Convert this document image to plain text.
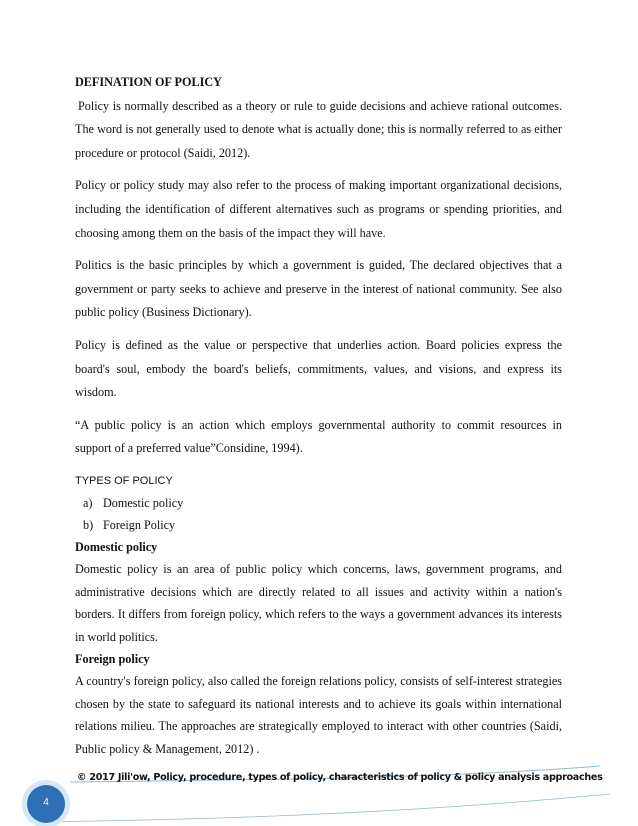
DEFINATION OF POLICY

Policy is normally described as a theory or rule to guide decisions and achieve rational outcomes. The word is not generally used to denote what is actually done; this is normally referred to as either procedure or protocol (Saidi, 2012).

Policy or policy study may also refer to the process of making important organizational decisions, including the identification of different alternatives such as programs or spending priorities, and choosing among them on the basis of the impact they will have.

Politics is the basic principles by which a government is guided, The declared objectives that a government or party seeks to achieve and preserve in the interest of national community. See also public policy (Business Dictionary).

Policy is defined as the value or perspective that underlies action. Board policies express the board's soul, embody the board's beliefs, commitments, values, and visions, and express its wisdom.

“A public policy is an action which employs governmental authority to commit resources in support of a preferred value”Considine, 1994).

TYPES OF POLICY

a) Domestic policy
b) Foreign Policy

Domestic policy

Domestic policy is an area of public policy which concerns, laws, government programs, and administrative decisions which are directly related to all issues and activity within a nation's borders. It differs from foreign policy, which refers to the ways a government advances its interests in world politics.

Foreign policy

A country's foreign policy, also called the foreign relations policy, consists of self-interest strategies chosen by the state to safeguard its national interests and to achieve its goals within international relations milieu. The approaches are strategically employed to interact with other countries (Saidi, Public policy & Management, 2012) .

© 2017 Jili'ow, Policy, procedure, types of policy, characteristics of policy & policy analysis approaches
4
